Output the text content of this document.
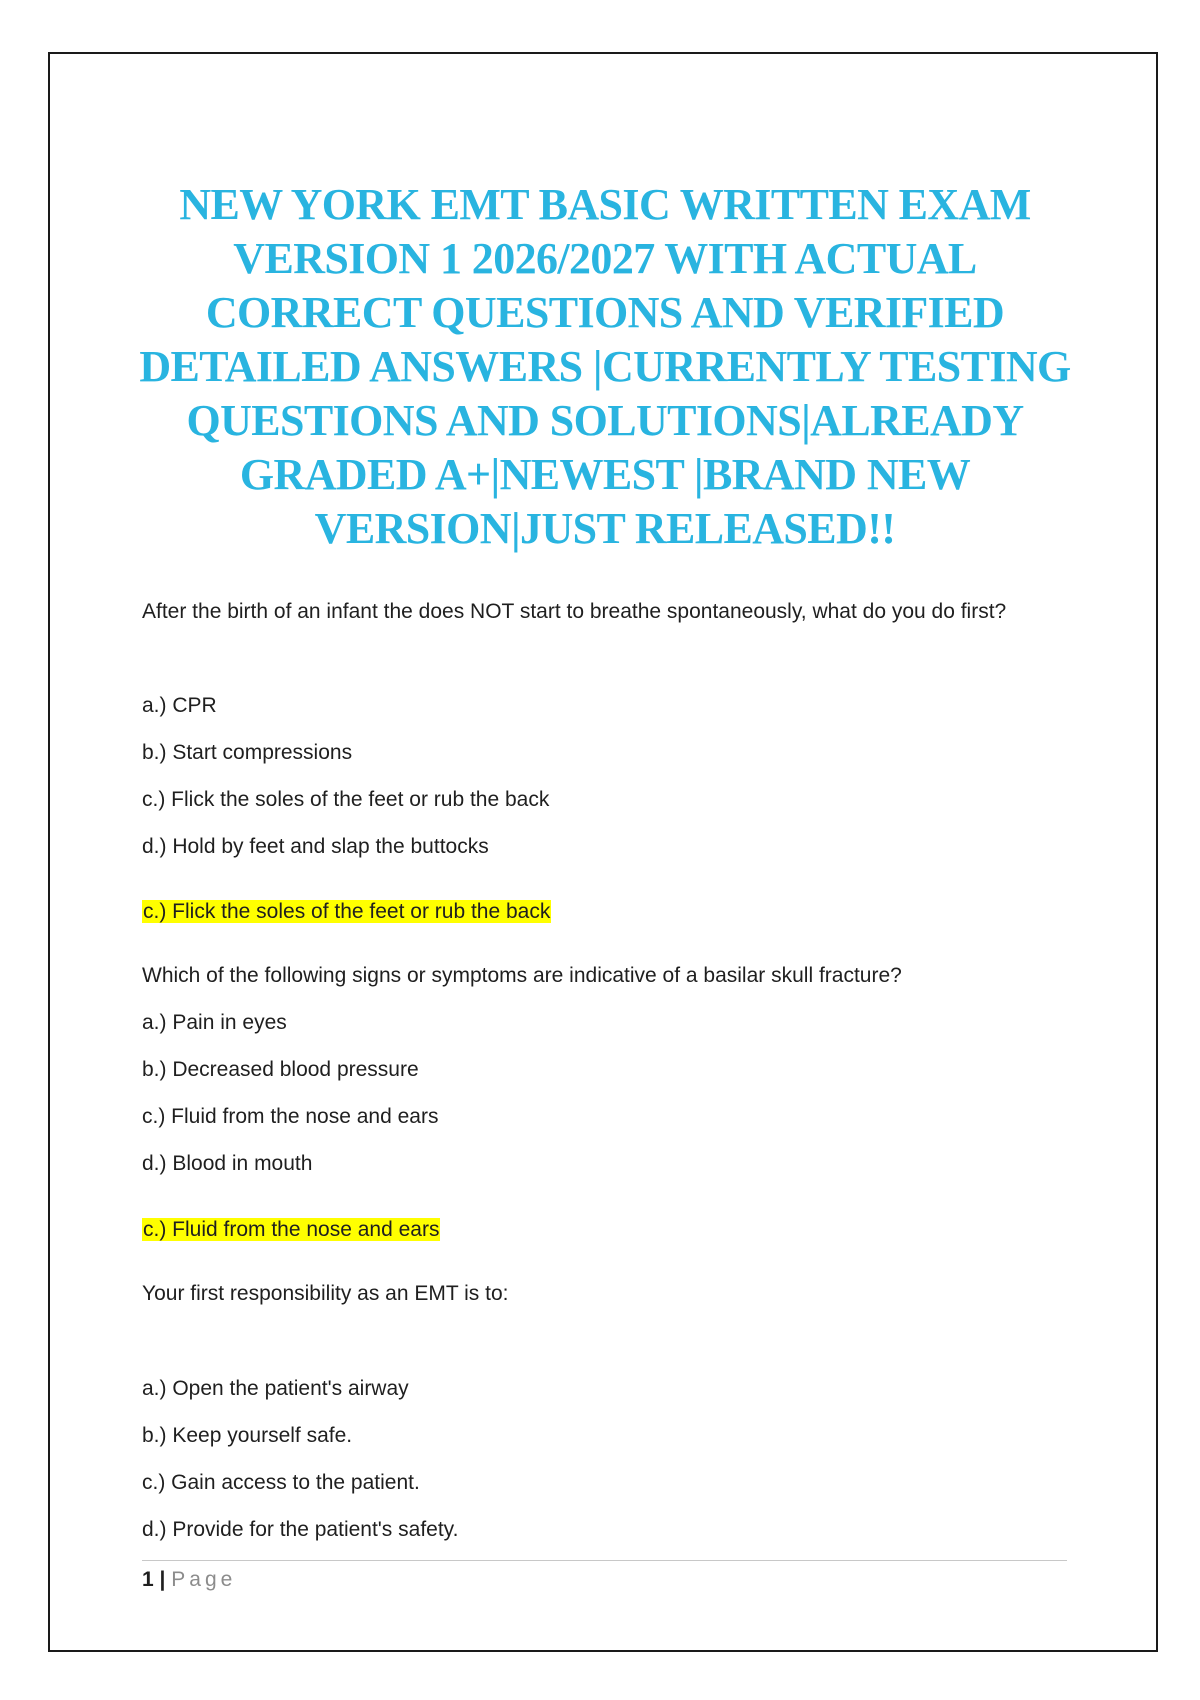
NEW YORK EMT BASIC WRITTEN EXAM
VERSION 1 2026/2027 WITH ACTUAL
CORRECT QUESTIONS AND VERIFIED
DETAILED ANSWERS |CURRENTLY TESTING
QUESTIONS AND SOLUTIONS|ALREADY
GRADED A+|NEWEST |BRAND NEW
VERSION|JUST RELEASED!!
After the birth of an infant the does NOT start to breathe spontaneously, what do you do first?
a.) CPR
b.) Start compressions
c.) Flick the soles of the feet or rub the back
d.) Hold by feet and slap the buttocks
c.) Flick the soles of the feet or rub the back
Which of the following signs or symptoms are indicative of a basilar skull fracture?
a.) Pain in eyes
b.) Decreased blood pressure
c.) Fluid from the nose and ears
d.) Blood in mouth
c.) Fluid from the nose and ears
Your first responsibility as an EMT is to:
a.) Open the patient's airway
b.) Keep yourself safe.
c.) Gain access to the patient.
d.) Provide for the patient's safety.
1 | Page
